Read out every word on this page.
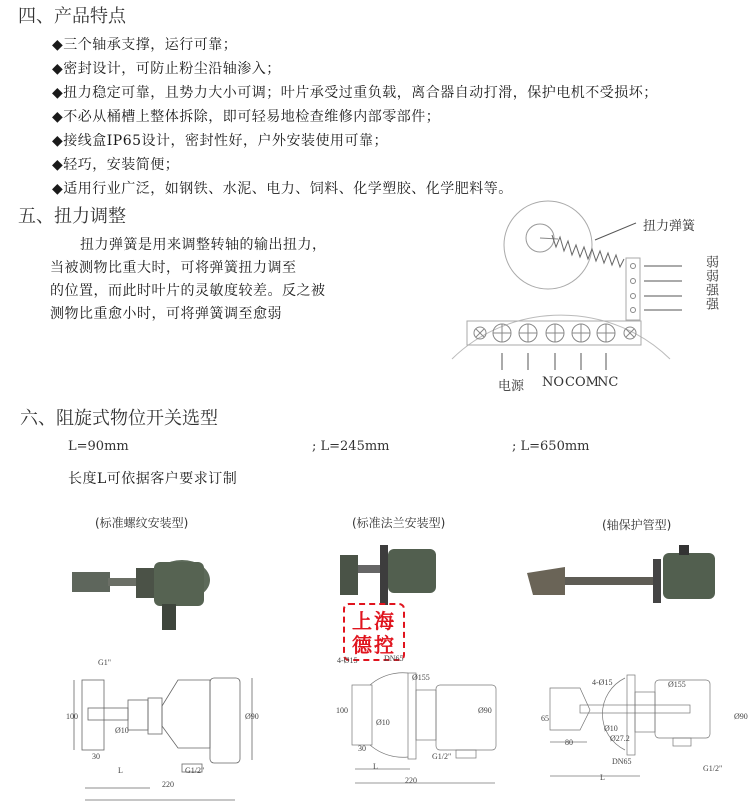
四、产品特点
◆三个轴承支撑，运行可靠；
◆密封设计，可防止粉尘沿轴渗入；
◆扭力稳定可靠，且势力大小可调；叶片承受过重负载，离合器自动打滑，保护电机不受损坏；
◆不必从桶槽上整体拆除，即可轻易地检查维修内部零部件；
◆接线盒IP65设计，密封性好，户外安装使用可靠；
◆轻巧，安装简便；
◆适用行业广泛，如钢铁、水泥、电力、饲料、化学塑胶、化学肥料等。
五、扭力调整
扭力弹簧是用来调整转轴的输出扭力，
当被测物比重大时，可将弹簧扭力调至
的位置，而此时叶片的灵敏度较差。反之被
测物比重愈小时，可将弹簧调至愈弱
扭力弹簧
弱弱强强
电源 NO COM
NC
六、阻旋式物位开关选型
L=90mm	; L=245mm	; L=650mm
长度L可依据客户要求订制
(标准螺纹安装型)	(标准法兰安装型)	(轴保护管型)
上海
德控
G1"
100
Ø10
30
L
220
Ø90
G1/2"
4-Ø15	DN65
Ø155
100
Ø10
30
L
220
Ø90
G1/2"
4-Ø15	Ø155
65
80
Ø10
Ø27.2
DN65
L
Ø90
G1/2"
